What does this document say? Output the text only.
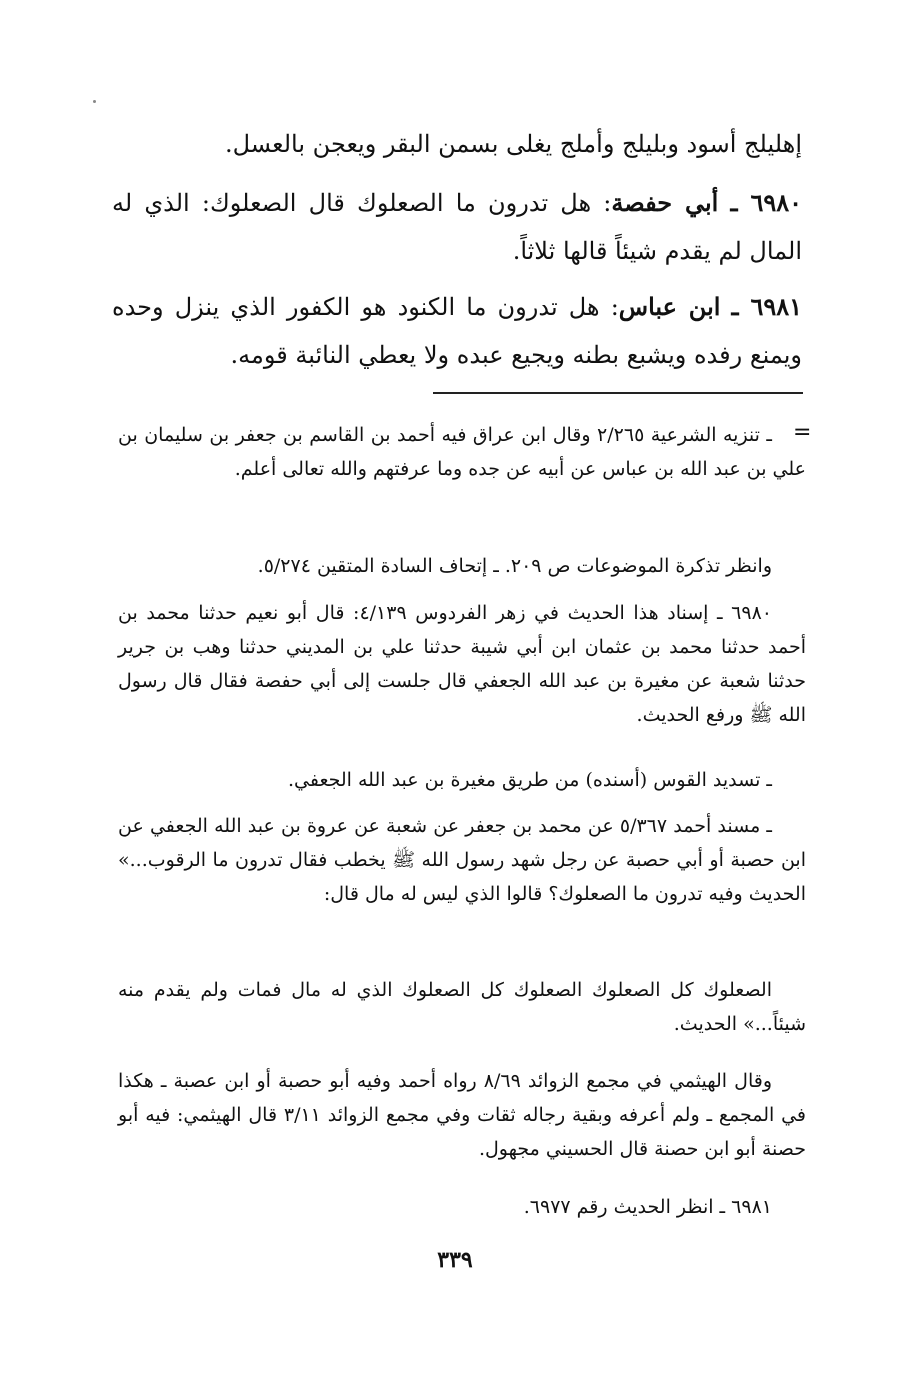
إهليلج أسود وبليلج وأملج يغلى بسمن البقر ويعجن بالعسل.
٦٩٨٠ ـ أبي حفصة: هل تدرون ما الصعلوك قال الصعلوك: الذي له المال لم يقدم شيئاً قالها ثلاثاً.
٦٩٨١ ـ ابن عباس: هل تدرون ما الكنود هو الكفور الذي ينزل وحده ويمنع رفده ويشبع بطنه ويجيع عبده ولا يعطي النائبة قومه.
=
ـ تنزيه الشرعية ٢/٢٦٥ وقال ابن عراق فيه أحمد بن القاسم بن جعفر بن سليمان بن علي بن عبد الله بن عباس عن أبيه عن جده وما عرفتهم والله تعالى أعلم.
وانظر تذكرة الموضوعات ص ٢٠٩. ـ إتحاف السادة المتقين ٥/٢٧٤.
٦٩٨٠ ـ إسناد هذا الحديث في زهر الفردوس ٤/١٣٩: قال أبو نعيم حدثنا محمد بن أحمد حدثنا محمد بن عثمان ابن أبي شيبة حدثنا علي بن المديني حدثنا وهب بن جرير حدثنا شعبة عن مغيرة بن عبد الله الجعفي قال جلست إلى أبي حفصة فقال قال رسول الله ﷺ ورفع الحديث.
ـ تسديد القوس (أسنده) من طريق مغيرة بن عبد الله الجعفي.
ـ مسند أحمد ٥/٣٦٧ عن محمد بن جعفر عن شعبة عن عروة بن عبد الله الجعفي عن ابن حصبة أو أبي حصبة عن رجل شهد رسول الله ﷺ يخطب فقال تدرون ما الرقوب...» الحديث وفيه تدرون ما الصعلوك؟ قالوا الذي ليس له مال قال:
الصعلوك كل الصعلوك الصعلوك كل الصعلوك الذي له مال فمات ولم يقدم منه شيئاً...» الحديث.
وقال الهيثمي في مجمع الزوائد ٨/٦٩ رواه أحمد وفيه أبو حصبة أو ابن عصبة ـ هكذا في المجمع ـ ولم أعرفه وبقية رجاله ثقات وفي مجمع الزوائد ٣/١١ قال الهيثمي: فيه أبو حصنة أبو ابن حصنة قال الحسيني مجهول.
٦٩٨١ ـ انظر الحديث رقم ٦٩٧٧.
٣٣٩
